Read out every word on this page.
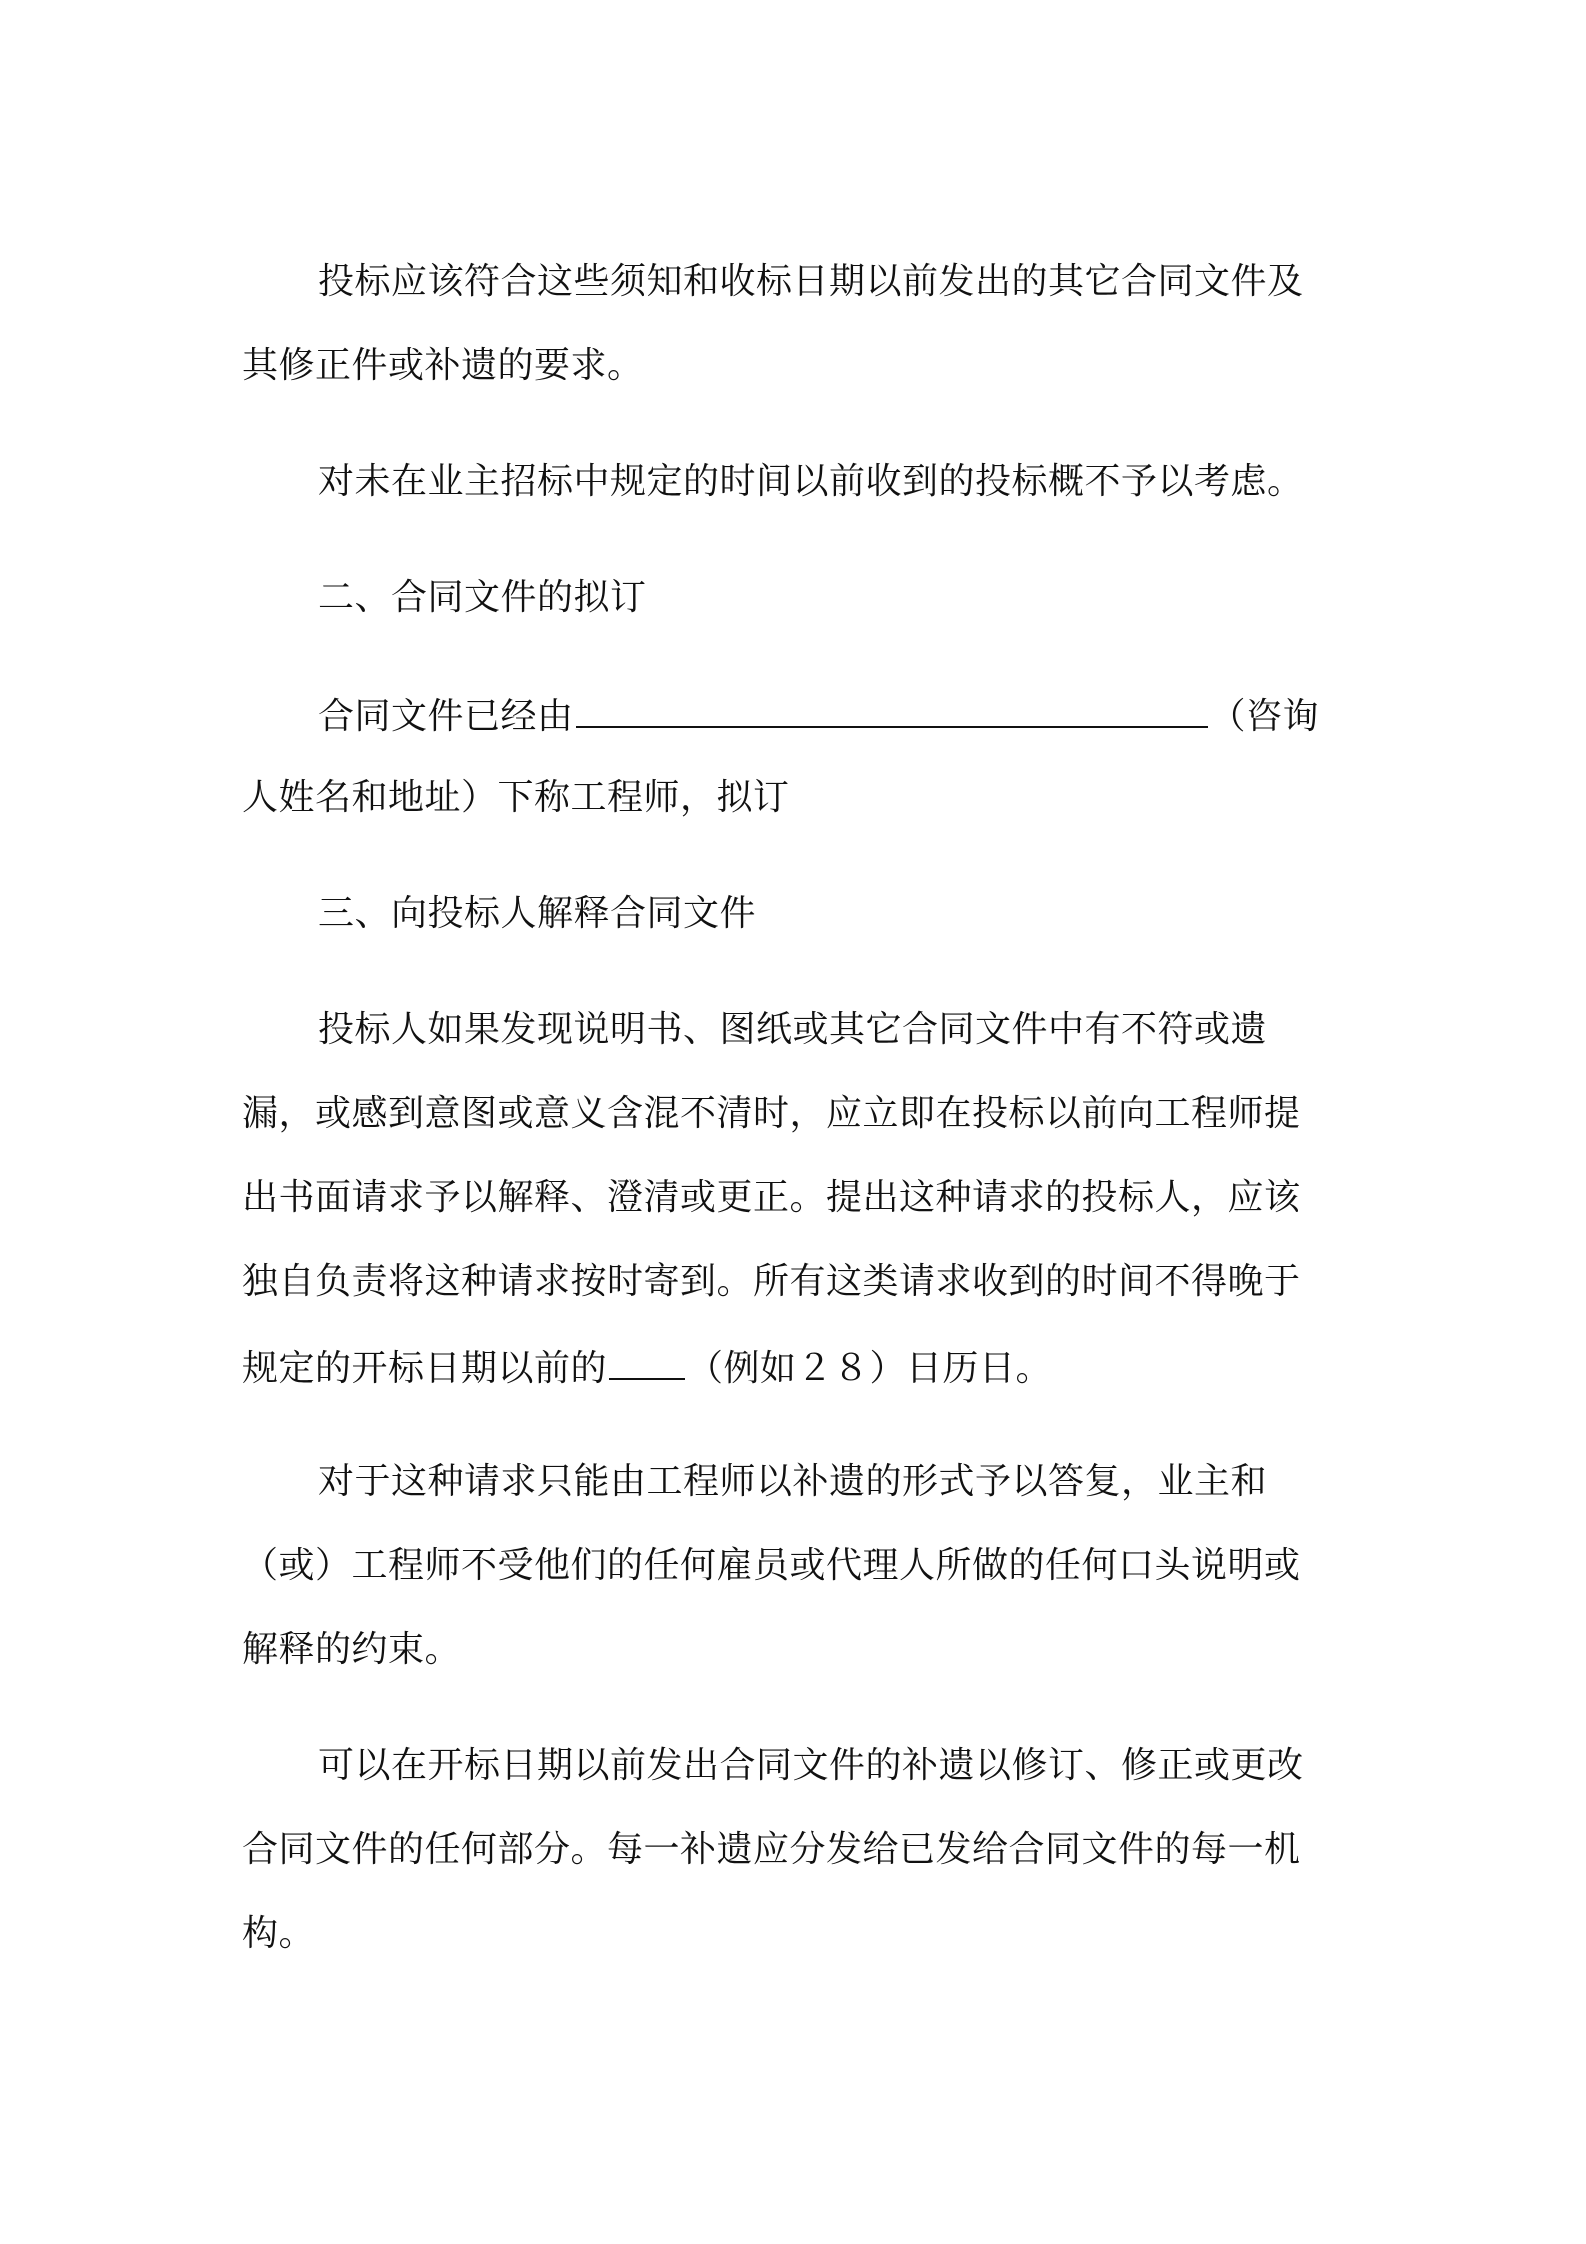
投标应该符合这些须知和收标日期以前发出的其它合同文件及
其修正件或补遗的要求。
对未在业主招标中规定的时间以前收到的投标概不予以考虑。
二、合同文件的拟订
合同文件已经由	（咨询
人姓名和地址）下称工程师，拟订
三、向投标人解释合同文件
投标人如果发现说明书、图纸或其它合同文件中有不符或遗
漏，或感到意图或意义含混不清时，应立即在投标以前向工程师提
出书面请求予以解释、澄清或更正。提出这种请求的投标人，应该
独自负责将这种请求按时寄到。所有这类请求收到的时间不得晚于
规定的开标日期以前的 （例如２８）日历日。
对于这种请求只能由工程师以补遗的形式予以答复，业主和
（或）工程师不受他们的任何雇员或代理人所做的任何口头说明或
解释的约束。
可以在开标日期以前发出合同文件的补遗以修订、修正或更改
合同文件的任何部分。每一补遗应分发给已发给合同文件的每一机
构。
